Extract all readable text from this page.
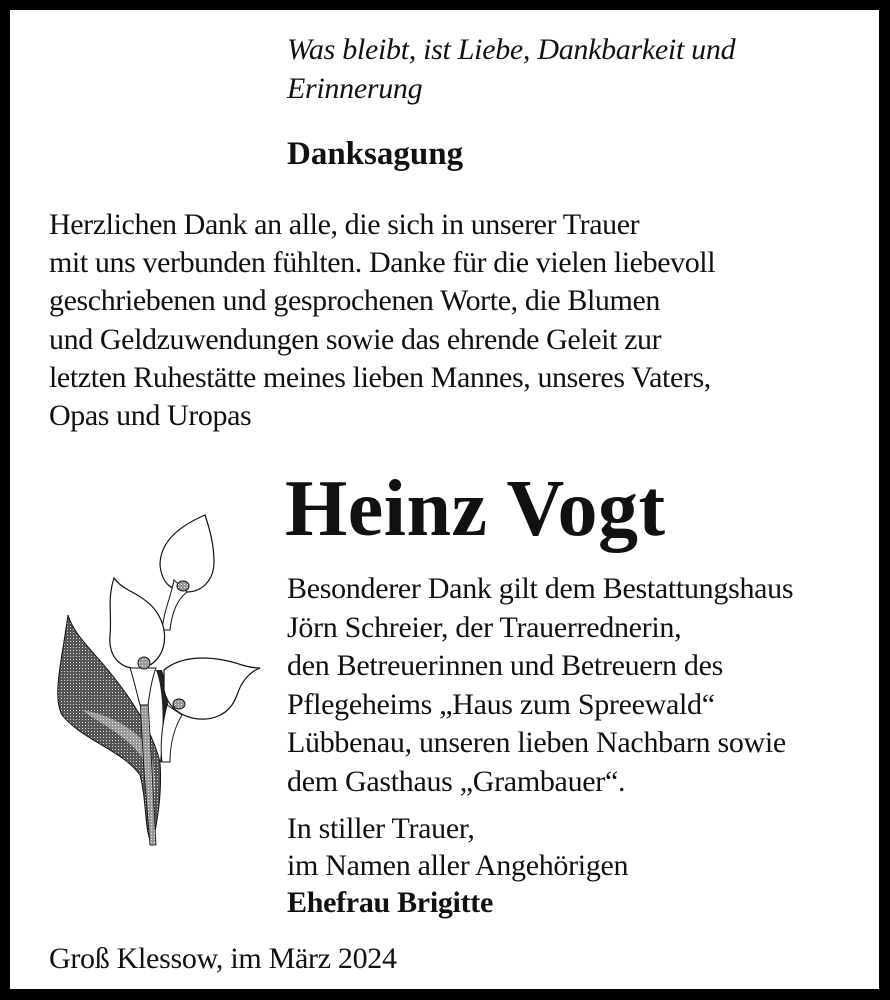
Was bleibt, ist Liebe, Dankbarkeit und
Erinnerung
Danksagung
Herzlichen Dank an alle, die sich in unserer Trauer
mit uns verbunden fühlten. Danke für die vielen liebevoll
geschriebenen und gesprochenen Worte, die Blumen
und Geldzuwendungen sowie das ehrende Geleit zur
letzten Ruhestätte meines lieben Mannes, unseres Vaters,
Opas und Uropas
Heinz Vogt
Besonderer Dank gilt dem Bestattungshaus
Jörn Schreier, der Trauerrednerin,
den Betreuerinnen und Betreuern des
Pflegeheims „Haus zum Spreewald“
Lübbenau, unseren lieben Nachbarn sowie
dem Gasthaus „Grambauer“.
In stiller Trauer,
im Namen aller Angehörigen
Ehefrau Brigitte
Groß Klessow, im März 2024
